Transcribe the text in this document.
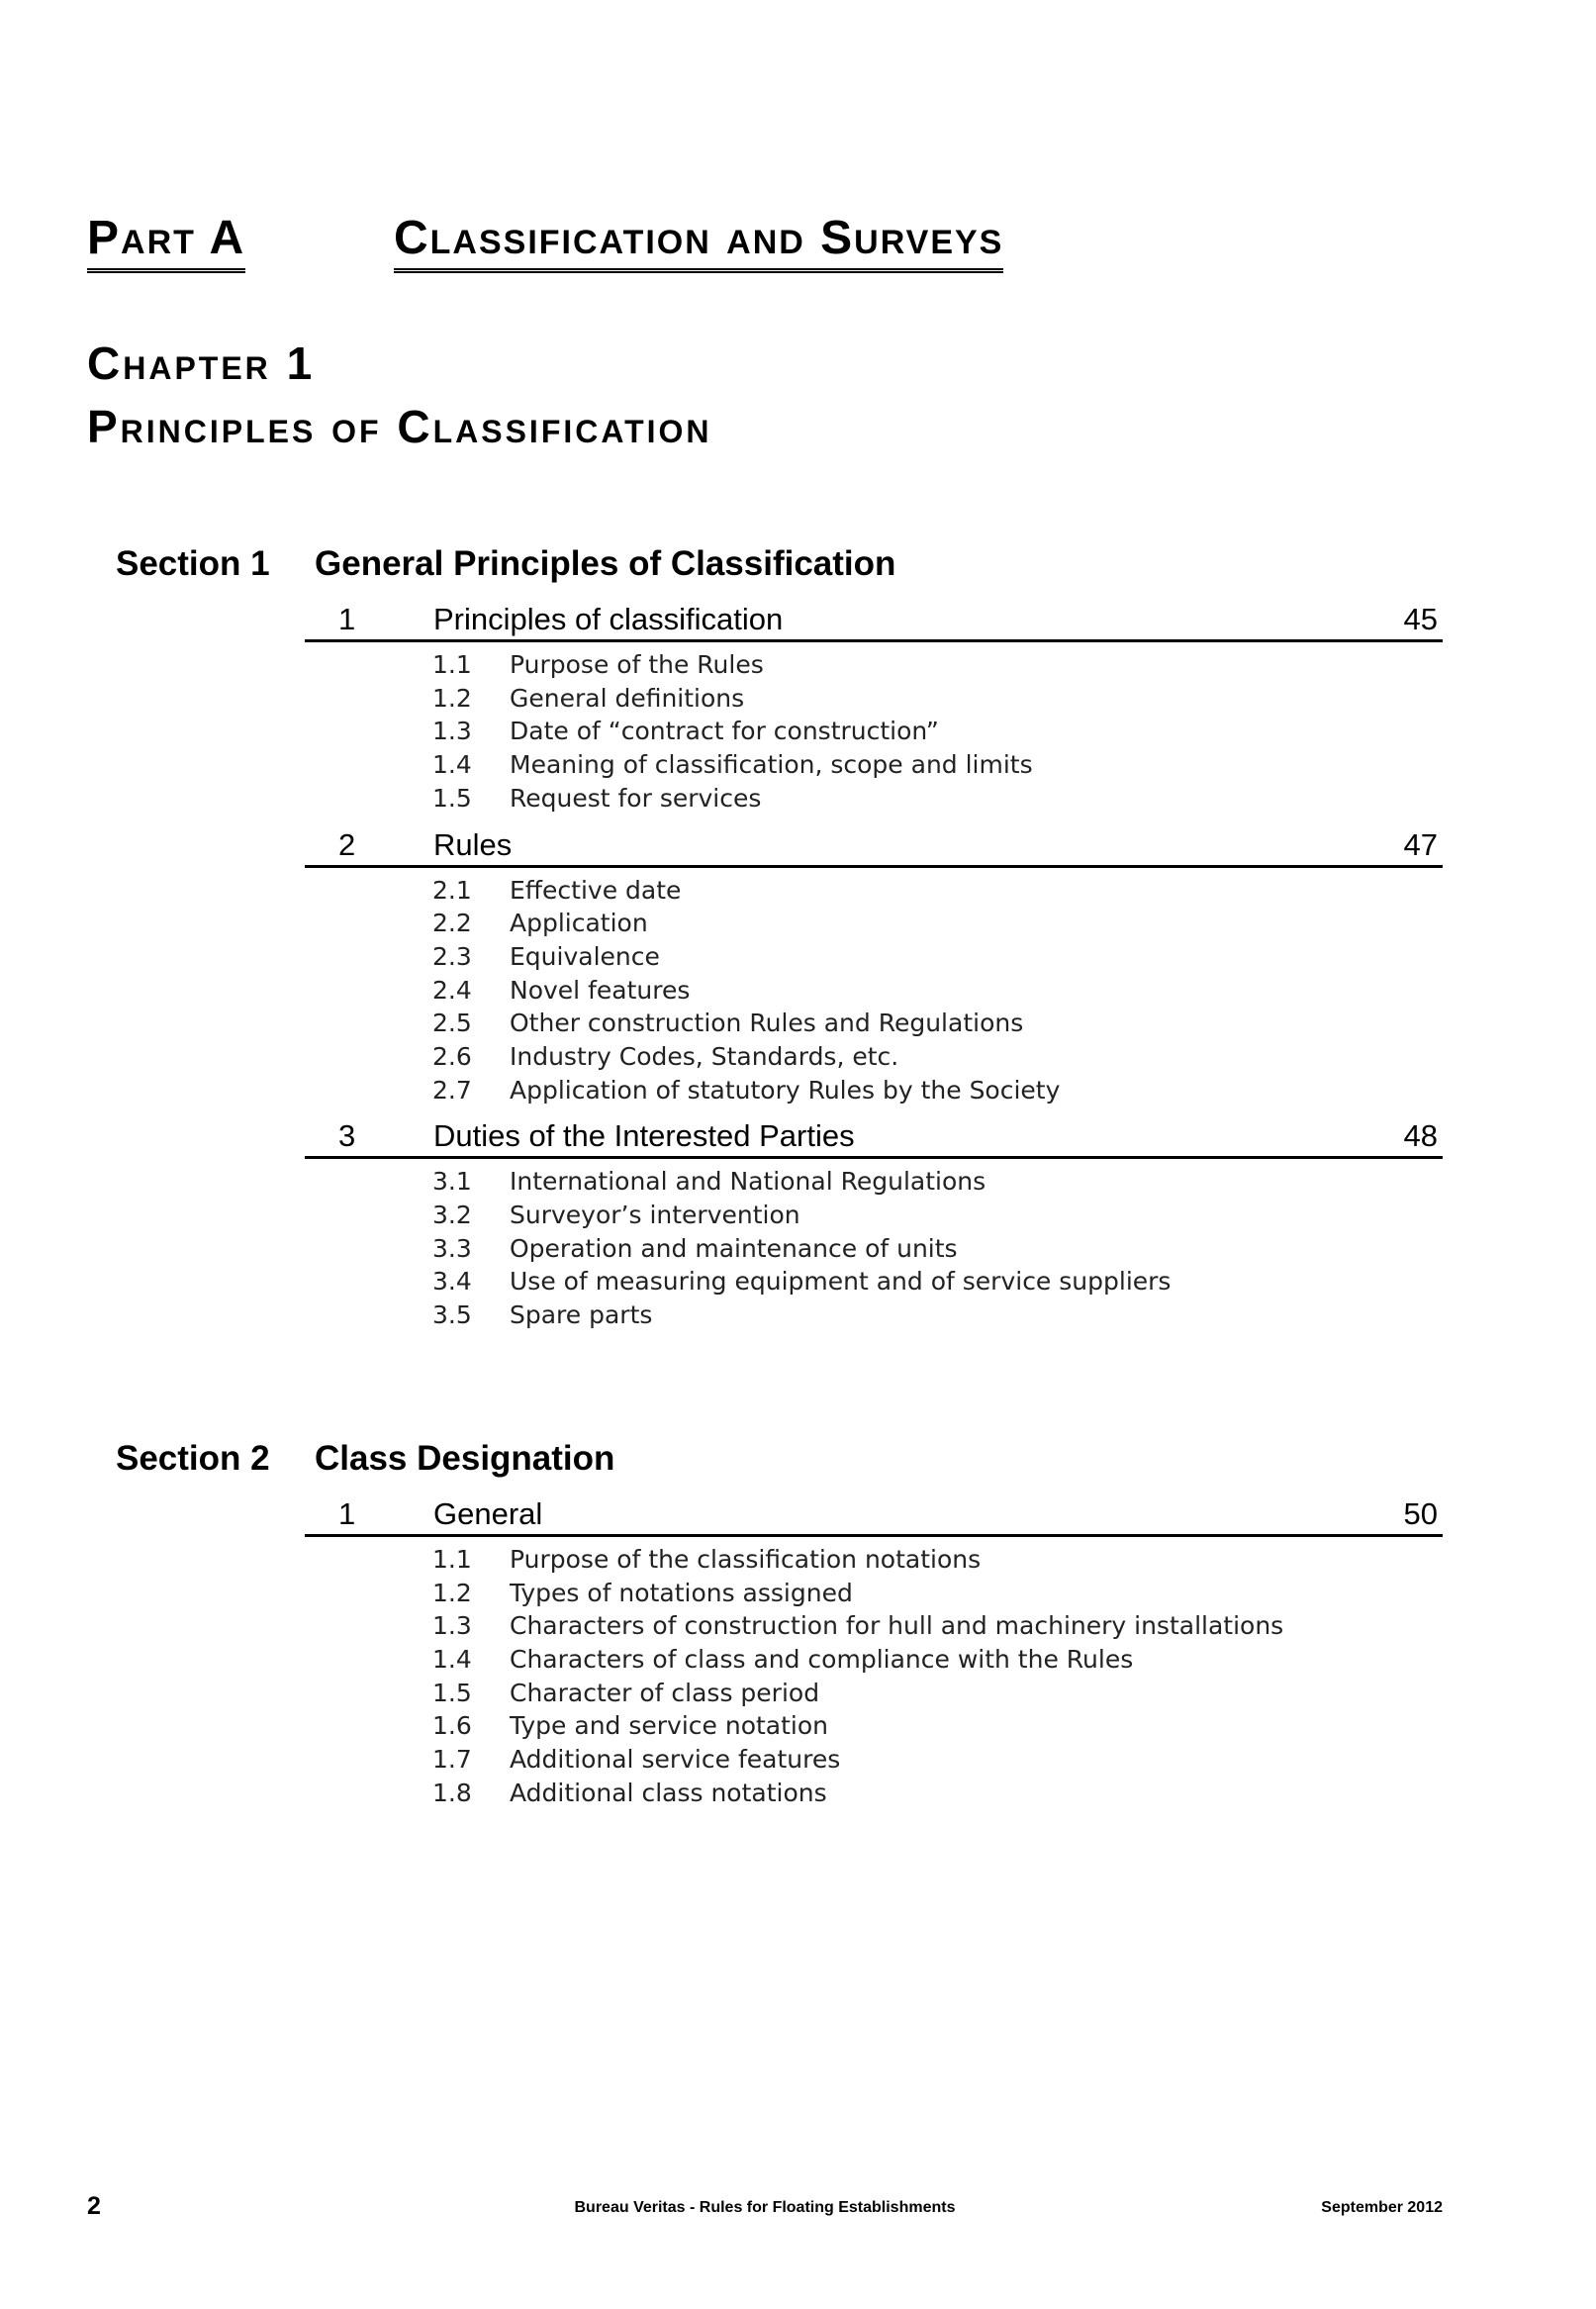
Part A	Classification and Surveys
Chapter 1
Principles of Classification
Section 1 General Principles of Classification
1	Principles of classification	45
1.1 Purpose of the Rules
1.2 General definitions
1.3 Date of “contract for construction”
1.4 Meaning of classification, scope and limits
1.5 Request for services
2	Rules	47
2.1 Effective date
2.2 Application
2.3 Equivalence
2.4 Novel features
2.5 Other construction Rules and Regulations
2.6 Industry Codes, Standards, etc.
2.7 Application of statutory Rules by the Society
3	Duties of the Interested Parties	48
3.1 International and National Regulations
3.2 Surveyor’s intervention
3.3 Operation and maintenance of units
3.4 Use of measuring equipment and of service suppliers
3.5 Spare parts
Section 2 Class Designation
1	General	50
1.1 Purpose of the classification notations
1.2 Types of notations assigned
1.3 Characters of construction for hull and machinery installations
1.4 Characters of class and compliance with the Rules
1.5 Character of class period
1.6 Type and service notation
1.7 Additional service features
1.8 Additional class notations
2	Bureau Veritas - Rules for Floating Establishments	September 2012
